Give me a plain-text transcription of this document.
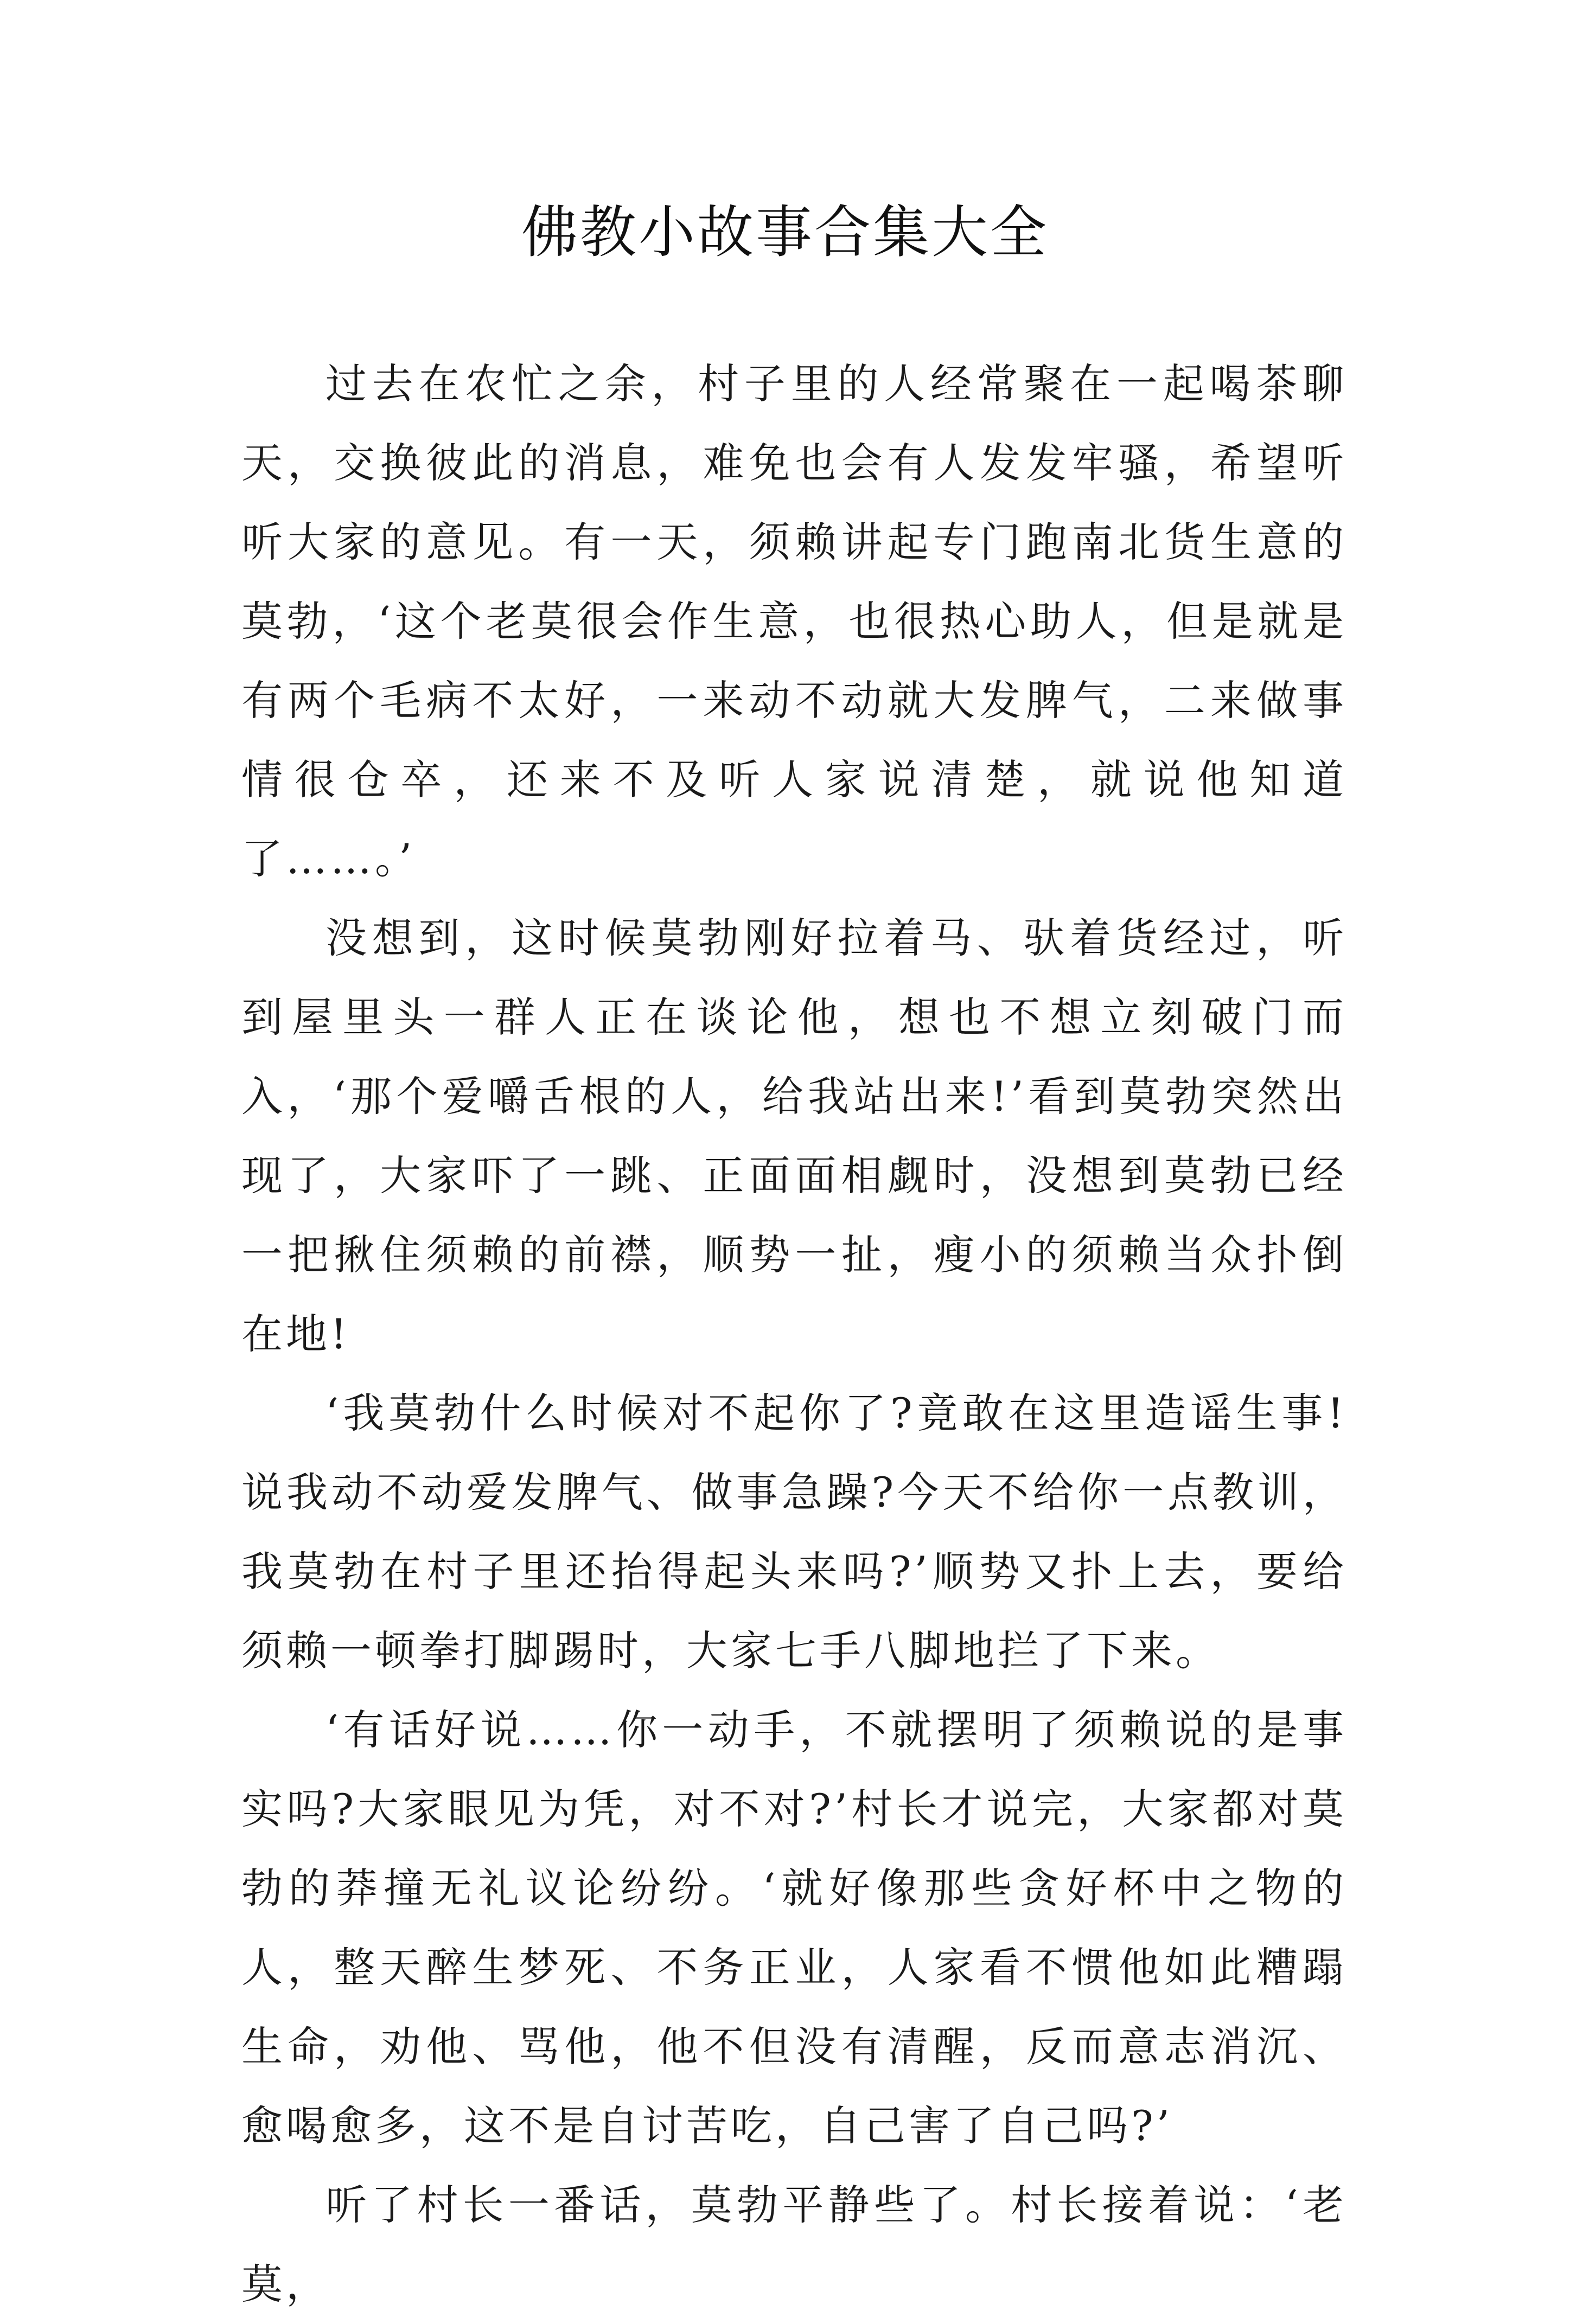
佛教小故事合集大全

过去在农忙之余，村子里的人经常聚在一起喝茶聊天，交换彼此的消息，难免也会有人发发牢骚，希望听听大家的意见。有一天，须赖讲起专门跑南北货生意的莫勃，‘这个老莫很会作生意，也很热心助人，但是就是有两个毛病不太好，一来动不动就大发脾气，二来做事情很仓卒，还来不及听人家说清楚，就说他知道了……。’

没想到，这时候莫勃刚好拉着马、驮着货经过，听到屋里头一群人正在谈论他，想也不想立刻破门而入，‘那个爱嚼舌根的人，给我站出来!’看到莫勃突然出现了，大家吓了一跳、正面面相觑时，没想到莫勃已经一把揪住须赖的前襟，顺势一扯，瘦小的须赖当众扑倒在地!

‘我莫勃什么时候对不起你了?竟敢在这里造谣生事!说我动不动爱发脾气、做事急躁?今天不给你一点教训，我莫勃在村子里还抬得起头来吗?’顺势又扑上去，要给须赖一顿拳打脚踢时，大家七手八脚地拦了下来。

‘有话好说……你一动手，不就摆明了须赖说的是事实吗?大家眼见为凭，对不对?’村长才说完，大家都对莫勃的莽撞无礼议论纷纷。‘就好像那些贪好杯中之物的人，整天醉生梦死、不务正业，人家看不惯他如此糟蹋生命，劝他、骂他，他不但没有清醒，反而意志消沉、愈喝愈多，这不是自讨苦吃，自己害了自己吗?’

听了村长一番话，莫勃平静些了。村长接着说：‘老莫，
